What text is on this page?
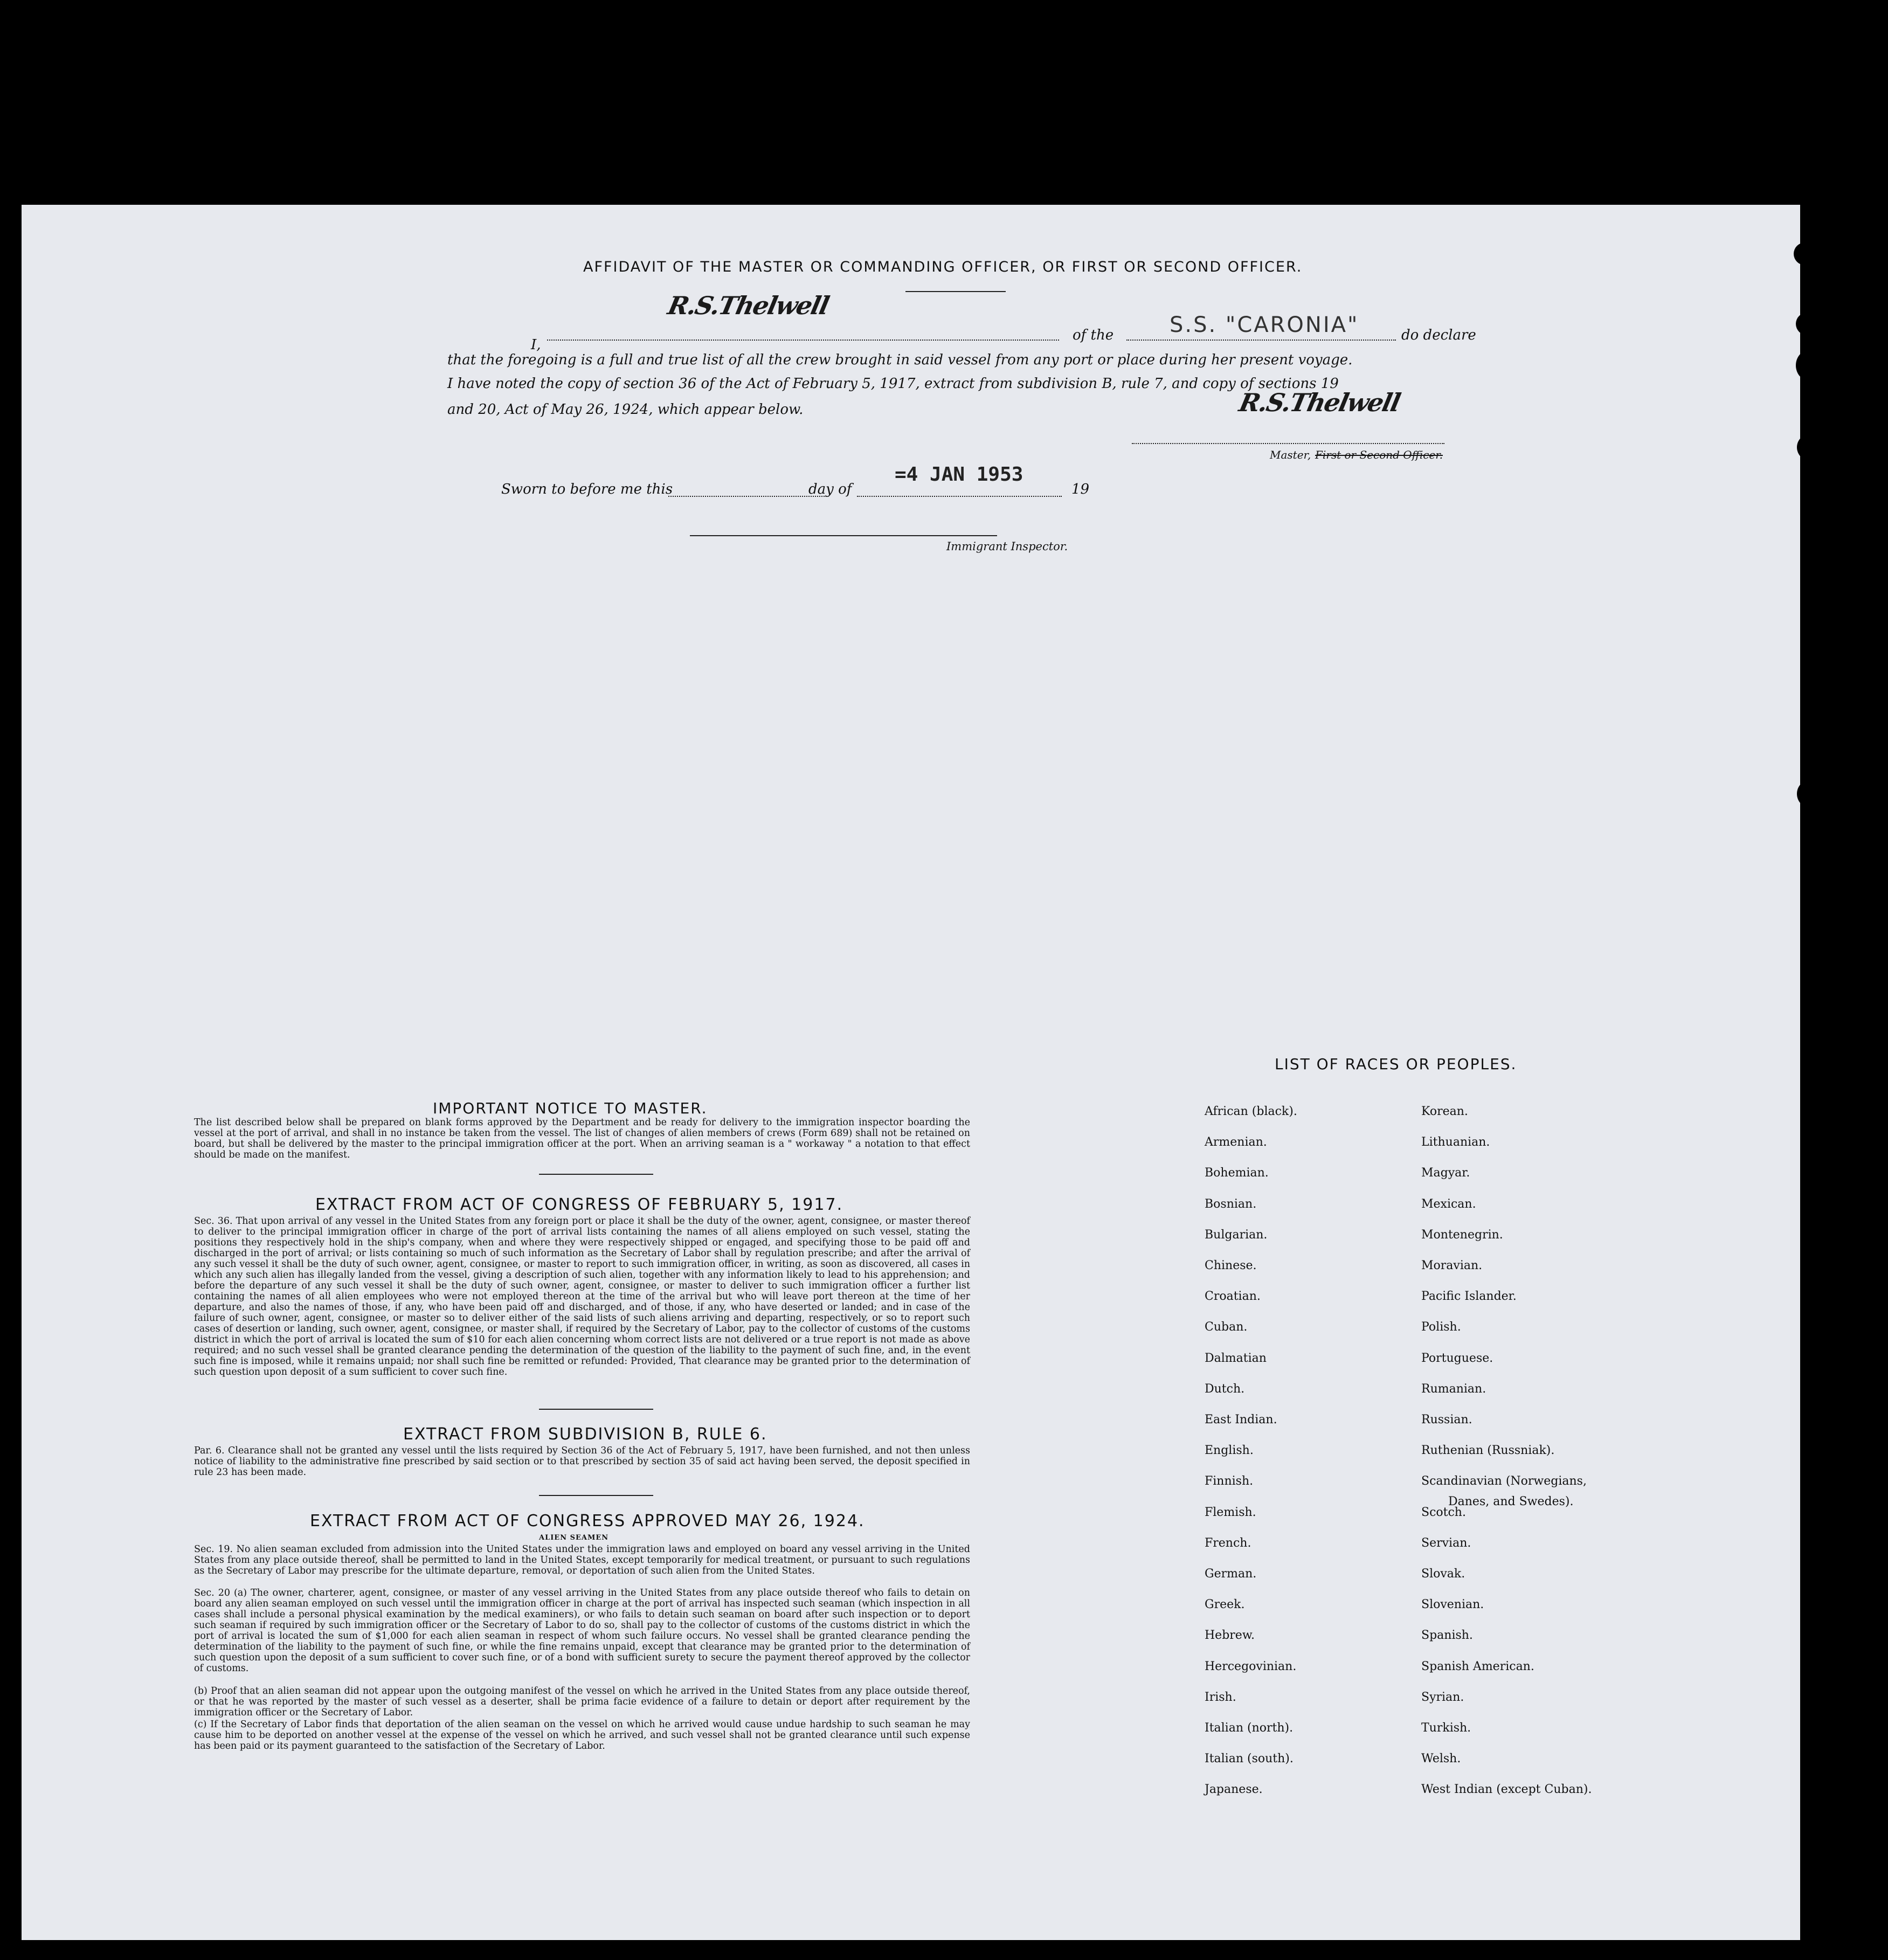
AFFIDAVIT OF THE MASTER OR COMMANDING OFFICER, OR FIRST OR SECOND OFFICER.
I,
R.S.Thelwell
of the	S.S. "CARONIA"	do declare
that the foregoing is a full and true list of all the crew brought in said vessel from any port or place during her present voyage.
I have noted the copy of section 36 of the Act of February 5, 1917, extract from subdivision B, rule 7, and copy of sections 19
and 20, Act of May 26, 1924, which appear below.	R.S.Thelwell
Master, First or Second Officer.
Sworn to before me this	day of
=4 JAN 1953
19
Immigrant Inspector.
IMPORTANT NOTICE TO MASTER.
The list described below shall be prepared on blank forms approved by the Department and be ready for delivery to the immigration inspector boarding the vessel at the port of arrival, and shall in no instance be taken from the vessel. The list of changes of alien members of crews (Form 689) shall not be retained on board, but shall be delivered by the master to the principal immigration officer at the port. When an arriving seaman is a " workaway " a notation to that effect should be made on the manifest.
EXTRACT FROM ACT OF CONGRESS OF FEBRUARY 5, 1917.
Sec. 36. That upon arrival of any vessel in the United States from any foreign port or place it shall be the duty of the owner, agent, consignee, or master thereof to deliver to the principal immigration officer in charge of the port of arrival lists containing the names of all aliens employed on such vessel, stating the positions they respectively hold in the ship's company, when and where they were respectively shipped or engaged, and specifying those to be paid off and discharged in the port of arrival; or lists containing so much of such information as the Secretary of Labor shall by regulation prescribe; and after the arrival of any such vessel it shall be the duty of such owner, agent, consignee, or master to report to such immigration officer, in writing, as soon as discovered, all cases in which any such alien has illegally landed from the vessel, giving a description of such alien, together with any information likely to lead to his apprehension; and before the departure of any such vessel it shall be the duty of such owner, agent, consignee, or master to deliver to such immigration officer a further list containing the names of all alien employees who were not employed thereon at the time of the arrival but who will leave port thereon at the time of her departure, and also the names of those, if any, who have been paid off and discharged, and of those, if any, who have deserted or landed; and in case of the failure of such owner, agent, consignee, or master so to deliver either of the said lists of such aliens arriving and departing, respectively, or so to report such cases of desertion or landing, such owner, agent, consignee, or master shall, if required by the Secretary of Labor, pay to the collector of customs of the customs district in which the port of arrival is located the sum of $10 for each alien concerning whom correct lists are not delivered or a true report is not made as above required; and no such vessel shall be granted clearance pending the determination of the question of the liability to the payment of such fine, and, in the event such fine is imposed, while it remains unpaid; nor shall such fine be remitted or refunded: Provided, That clearance may be granted prior to the determination of such question upon deposit of a sum sufficient to cover such fine.
EXTRACT FROM SUBDIVISION B, RULE 6.
Par. 6. Clearance shall not be granted any vessel until the lists required by Section 36 of the Act of February 5, 1917, have been furnished, and not then unless notice of liability to the administrative fine prescribed by said section or to that prescribed by section 35 of said act having been served, the deposit specified in rule 23 has been made.
EXTRACT FROM ACT OF CONGRESS APPROVED MAY 26, 1924.
ALIEN SEAMEN
Sec. 19. No alien seaman excluded from admission into the United States under the immigration laws and employed on board any vessel arriving in the United States from any place outside thereof, shall be permitted to land in the United States, except temporarily for medical treatment, or pursuant to such regulations as the Secretary of Labor may prescribe for the ultimate departure, removal, or deportation of such alien from the United States.
Sec. 20 (a) The owner, charterer, agent, consignee, or master of any vessel arriving in the United States from any place outside thereof who fails to detain on board any alien seaman employed on such vessel until the immigration officer in charge at the port of arrival has inspected such seaman (which inspection in all cases shall include a personal physical examination by the medical examiners), or who fails to detain such seaman on board after such inspection or to deport such seaman if required by such immigration officer or the Secretary of Labor to do so, shall pay to the collector of customs of the customs district in which the port of arrival is located the sum of $1,000 for each alien seaman in respect of whom such failure occurs. No vessel shall be granted clearance pending the determination of the liability to the payment of such fine, or while the fine remains unpaid, except that clearance may be granted prior to the determination of such question upon the deposit of a sum sufficient to cover such fine, or of a bond with sufficient surety to secure the payment thereof approved by the collector of customs.
(b) Proof that an alien seaman did not appear upon the outgoing manifest of the vessel on which he arrived in the United States from any place outside thereof, or that he was reported by the master of such vessel as a deserter, shall be prima facie evidence of a failure to detain or deport after requirement by the immigration officer or the Secretary of Labor.
(c) If the Secretary of Labor finds that deportation of the alien seaman on the vessel on which he arrived would cause undue hardship to such seaman he may cause him to be deported on another vessel at the expense of the vessel on which he arrived, and such vessel shall not be granted clearance until such expense has been paid or its payment guaranteed to the satisfaction of the Secretary of Labor.
LIST OF RACES OR PEOPLES.
African (black).
Armenian.
Bohemian.
Bosnian.
Bulgarian.
Chinese.
Croatian.
Cuban.
Dalmatian
Dutch.
East Indian.
English.
Finnish.
Flemish.
French.
German.
Greek.
Hebrew.
Hercegovinian.
Irish.
Italian (north).
Italian (south).
Japanese.
Korean.
Lithuanian.
Magyar.
Mexican.
Montenegrin.
Moravian.
Pacific Islander.
Polish.
Portuguese.
Rumanian.
Russian.
Ruthenian (Russniak).
Scandinavian (Norwegians,
Scotch.
Servian.
Slovak.
Slovenian.
Spanish.
Spanish American.
Syrian.
Turkish.
Welsh.
West Indian (except Cuban).
Danes, and Swedes).
